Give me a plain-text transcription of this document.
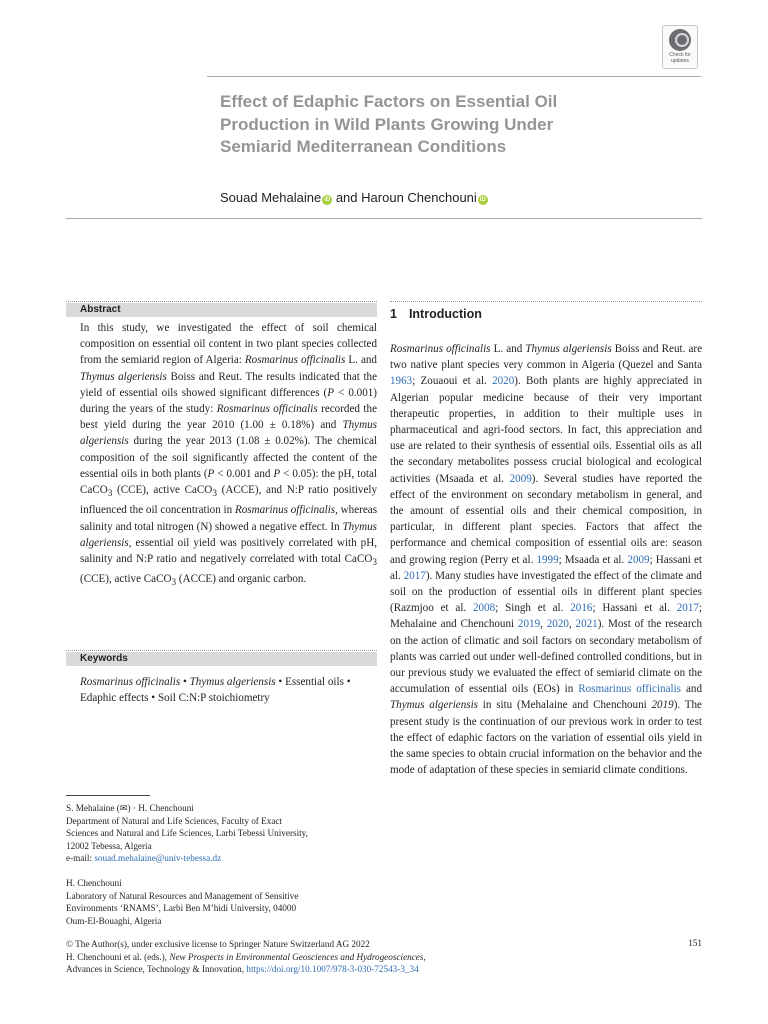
Check for
updates
Effect of Edaphic Factors on Essential Oil
Production in Wild Plants Growing Under
Semiarid Mediterranean Conditions
Souad Mehalaine iD and Haroun Chenchouni iD
Abstract
In this study, we investigated the effect of soil chemical composition on essential oil content in two plant species collected from the semiarid region of Algeria: Rosmarinus officinalis L. and Thymus algeriensis Boiss and Reut. The results indicated that the yield of essential oils showed significant differences (P < 0.001) during the years of the study: Rosmarinus officinalis recorded the best yield during the year 2010 (1.00 ± 0.18%) and Thymus algeriensis during the year 2013 (1.08 ± 0.02%). The chemical composition of the soil significantly affected the content of the essential oils in both plants (P < 0.001 and P < 0.05): the pH, total CaCO$_3$ (CCE), active CaCO$_3$ (ACCE), and N:P ratio positively influenced the oil concentration in Rosmarinus officinalis, whereas salinity and total nitrogen (N) showed a negative effect. In Thymus algeriensis, essential oil yield was positively correlated with pH, salinity and N:P ratio and negatively correlated with total CaCO$_3$ (CCE), active CaCO$_3$ (ACCE) and organic carbon.
Keywords
Rosmarinus officinalis • Thymus algeriensis • Essential oils • Edaphic effects • Soil C:N:P stoichiometry
1 Introduction
Rosmarinus officinalis L. and Thymus algeriensis Boiss and Reut. are two native plant species very common in Algeria (Quezel and Santa 1963; Zouaoui et al. 2020). Both plants are highly appreciated in Algerian popular medicine because of their very important therapeutic properties, in addition to their multiple uses in pharmaceutical and agri-food sectors. In fact, this appreciation and use are related to their synthesis of essential oils. Essential oils as all the secondary metabolites possess crucial biological and ecological activities (Msaada et al. 2009). Several studies have reported the effect of the environment on secondary metabolism in general, and the amount of essential oils and their chemical composition, in particular, in different plant species. Factors that affect the performance and chemical composition of essential oils are: season and growing region (Perry et al. 1999; Msaada et al. 2009; Hassani et al. 2017). Many studies have investigated the effect of the climate and soil on the production of essential oils in different plant species (Razmjoo et al. 2008; Singh et al. 2016; Hassani et al. 2017; Mehalaine and Chenchouni 2019, 2020, 2021). Most of the research on the action of climatic and soil factors on secondary metabolism of plants was carried out under well-defined controlled conditions, but in our previous study we evaluated the effect of semiarid climate on the accumulation of essential oils (EOs) in Rosmarinus officinalis and Thymus algeriensis in situ (Mehalaine and Chenchouni 2019). The present study is the continuation of our previous work in order to test the effect of edaphic factors on the variation of essential oils yield in the same species to obtain crucial information on the behavior and the mode of adaptation of these species in semiarid climate conditions.
S. Mehalaine (✉) · H. Chenchouni
Department of Natural and Life Sciences, Faculty of Exact
Sciences and Natural and Life Sciences, Larbi Tebessi University,
12002 Tebessa, Algeria
e-mail: souad.mehalaine@univ-tebessa.dz
H. Chenchouni
Laboratory of Natural Resources and Management of Sensitive
Environments ‘RNAMS’, Larbi Ben M’hidi University, 04000
Oum-El-Bouaghi, Algeria
© The Author(s), under exclusive license to Springer Nature Switzerland AG 2022
H. Chenchouni et al. (eds.), New Prospects in Environmental Geosciences and Hydrogeosciences,
Advances in Science, Technology & Innovation, https://doi.org/10.1007/978-3-030-72543-3_34
151
